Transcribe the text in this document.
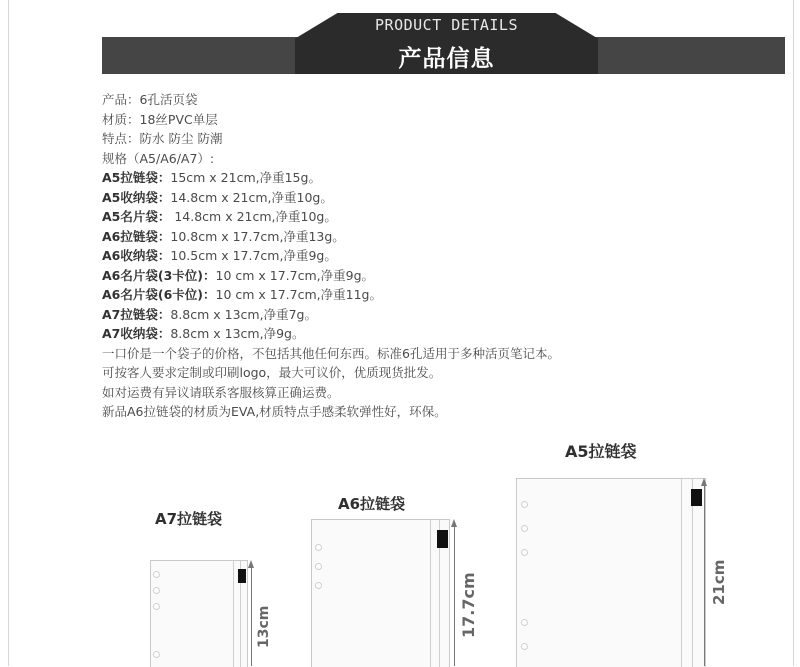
PRODUCT DETAILS
产品信息
产品：6孔活页袋
材质：18丝PVC单层
特点：防水 防尘 防潮
规格（A5/A6/A7）:
A5拉链袋：15cm x 21cm,净重15g。
A5收纳袋：14.8cm x 21cm,净重10g。
A5名片袋： 14.8cm x 21cm,净重10g。
A6拉链袋：10.8cm x 17.7cm,净重13g。
A6收纳袋：10.5cm x 17.7cm,净重9g。
A6名片袋(3卡位)：10 cm x 17.7cm,净重9g。
A6名片袋(6卡位)：10 cm x 17.7cm,净重11g。
A7拉链袋：8.8cm x 13cm,净重7g。
A7收纳袋：8.8cm x 13cm,净9g。
一口价是一个袋子的价格，不包括其他任何东西。标准6孔适用于多种活页笔记本。
可按客人要求定制或印刷logo，最大可议价，优质现货批发。
如对运费有异议请联系客服核算正确运费。
新品A6拉链袋的材质为EVA,材质特点手感柔软弹性好，环保。
A7拉链袋
13cm
A6拉链袋
17.7cm
A5拉链袋
21cm
